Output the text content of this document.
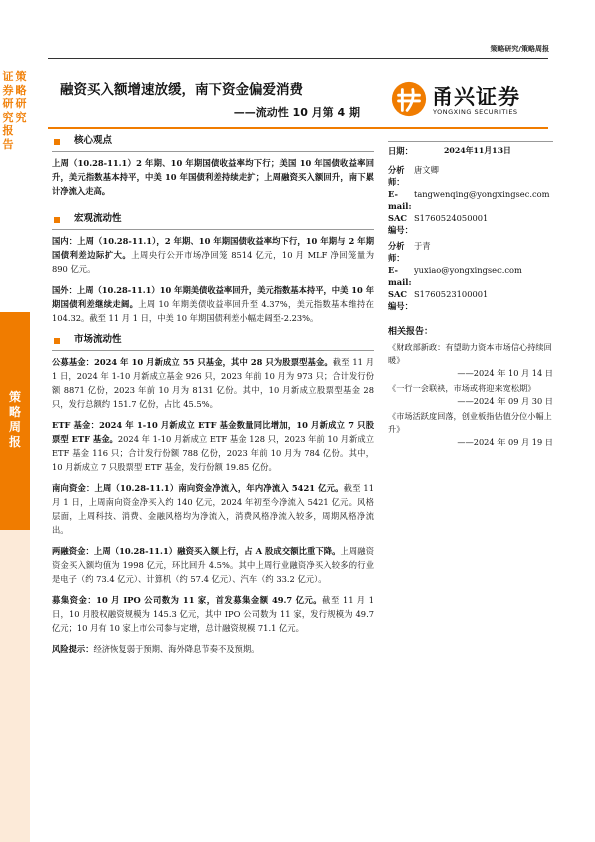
策略研究/策略周报
证券研究报告
策略研究
策略周报
融资买入额增速放缓，南下资金偏爱消费
——流动性 10 月第 4 期
甬兴证券
YONGXING SECURITIES
核心观点

上周（10.28-11.1）2 年期、10 年期国债收益率均下行；美国 10 年国债收益率回升，美元指数基本持平，中美 10 年国债利差持续走扩；上周融资买入额回升，南下累计净流入走高。

宏观流动性

国内：上周（10.28-11.1），2 年期、10 年期国债收益率均下行，10 年期与 2 年期国债利差边际扩大。上周央行公开市场净回笼 8514 亿元，10 月 MLF 净回笼量为 890 亿元。

国外：上周（10.28-11.1）10 年期美债收益率回升，美元指数基本持平，中美 10 年期国债利差继续走阔。上周 10 年期美债收益率回升至 4.37%，美元指数基本维持在 104.32。截至 11 月 1 日，中美 10 年期国债利差小幅走阔至-2.23%。

市场流动性

公募基金：2024 年 10 月新成立 55 只基金，其中 28 只为股票型基金。截至 11 月 1 日，2024 年 1-10 月新成立基金 926 只，2023 年前 10 月为 973 只；合计发行份额 8871 亿份，2023 年前 10 月为 8131 亿份。其中，10 月新成立股票型基金 28 只，发行总额约 151.7 亿份，占比 45.5%。

ETF 基金：2024 年 1-10 月新成立 ETF 基金数量同比增加，10 月新成立 7 只股票型 ETF 基金。2024 年 1-10 月新成立 ETF 基金 128 只，2023 年前 10 月新成立 ETF 基金 116 只；合计发行份额 788 亿份，2023 年前 10 月为 784 亿份。其中，10 月新成立 7 只股票型 ETF 基金，发行份额 19.85 亿份。

南向资金：上周（10.28-11.1）南向资金净流入，年内净流入 5421 亿元。截至 11 月 1 日，上周南向资金净买入约 140 亿元，2024 年初至今净流入 5421 亿元。风格层面，上周科技、消费、金融风格均为净流入，消费风格净流入较多，周期风格净流出。

两融资金：上周（10.28-11.1）融资买入额上行，占 A 股成交额比重下降。上周融资资金买入额均值为 1998 亿元，环比回升 4.5%。其中上周行业融资净买入较多的行业是电子（约 73.4 亿元）、计算机（约 57.4 亿元）、汽车（约 33.2 亿元）。

募集资金：10 月 IPO 公司数为 11 家，首发募集金额 49.7 亿元。截至 11 月 1 日，10 月股权融资规模为 145.3 亿元，其中 IPO 公司数为 11 家，发行规模为 49.7 亿元；10 月有 10 家上市公司参与定增，总计融资规模 71.1 亿元。

风险提示：经济恢复弱于预期、海外降息节奏不及预期。

日期：	2024年11月13日
分析师：
唐文卿
E-mail:
tangwenqing@yongxingsec.com
SAC 编号：
S1760524050001
分析师：
于青
E-mail:
yuxiao@yongxingsec.com
SAC 编号：
S1760523100001
相关报告：
《财政部新政：有望助力资本市场信心持续回暖》
——2024 年 10 月 14 日
《一行一会联袂，市场或将迎来宽松期》
——2024 年 09 月 30 日
《市场活跃度回落，创业板指估值分位小幅上升》
——2024 年 09 月 19 日
